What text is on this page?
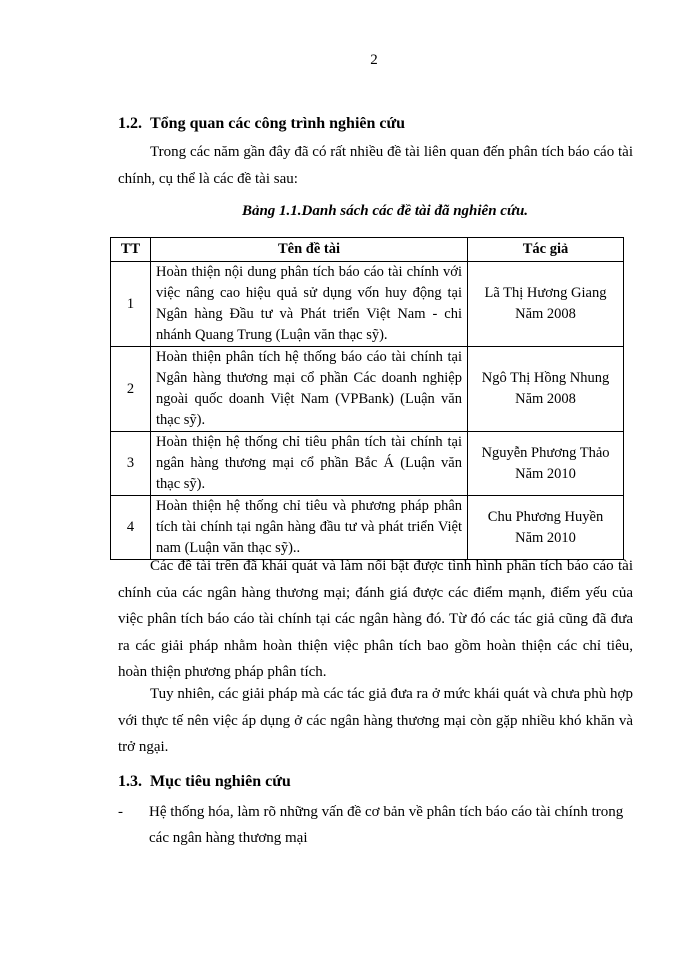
2
1.2. Tổng quan các công trình nghiên cứu

Trong các năm gần đây đã có rất nhiều đề tài liên quan đến phân tích báo cáo tài chính, cụ thể là các đề tài sau:

Bảng 1.1.Danh sách các đề tài đã nghiên cứu.
TT	Tên đề tài	Tác giả
1	Hoàn thiện nội dung phân tích báo cáo tài chính với việc nâng cao hiệu quả sử dụng vốn huy động tại Ngân hàng Đầu tư và Phát triển Việt Nam - chi nhánh Quang Trung (Luận văn thạc sỹ).	Lã Thị Hương Giang
Năm 2008

2	Hoàn thiện phân tích hệ thống báo cáo tài chính tại Ngân hàng thương mại cổ phần Các doanh nghiệp ngoài quốc doanh Việt Nam (VPBank) (Luận văn thạc sỹ).	Ngô Thị Hồng Nhung
Năm 2008

3	Hoàn thiện hệ thống chỉ tiêu phân tích tài chính tại ngân hàng thương mại cổ phần Bắc Á (Luận văn thạc sỹ).	Nguyễn Phương Thảo
Năm 2010

4	Hoàn thiện hệ thống chỉ tiêu và phương pháp phân tích tài chính tại ngân hàng đầu tư và phát triển Việt nam (Luận văn thạc sỹ)..	Chu Phương Huyền
Năm 2010

Các đề tài trên đã khái quát và làm nổi bật được tình hình phân tích báo cáo tài chính của các ngân hàng thương mại; đánh giá được các điểm mạnh, điểm yếu của việc phân tích báo cáo tài chính tại các ngân hàng đó. Từ đó các tác giả cũng đã đưa ra các giải pháp nhằm hoàn thiện việc phân tích bao gồm hoàn thiện các chỉ tiêu, hoàn thiện phương pháp phân tích.

Tuy nhiên, các giải pháp mà các tác giả đưa ra ở mức khái quát và chưa phù hợp với thực tế nên việc áp dụng ở các ngân hàng thương mại còn gặp nhiều khó khăn và trở ngại.

1.3. Mục tiêu nghiên cứu
- Hệ thống hóa, làm rõ những vấn đề cơ bản về phân tích báo cáo tài chính trong các ngân hàng thương mại
